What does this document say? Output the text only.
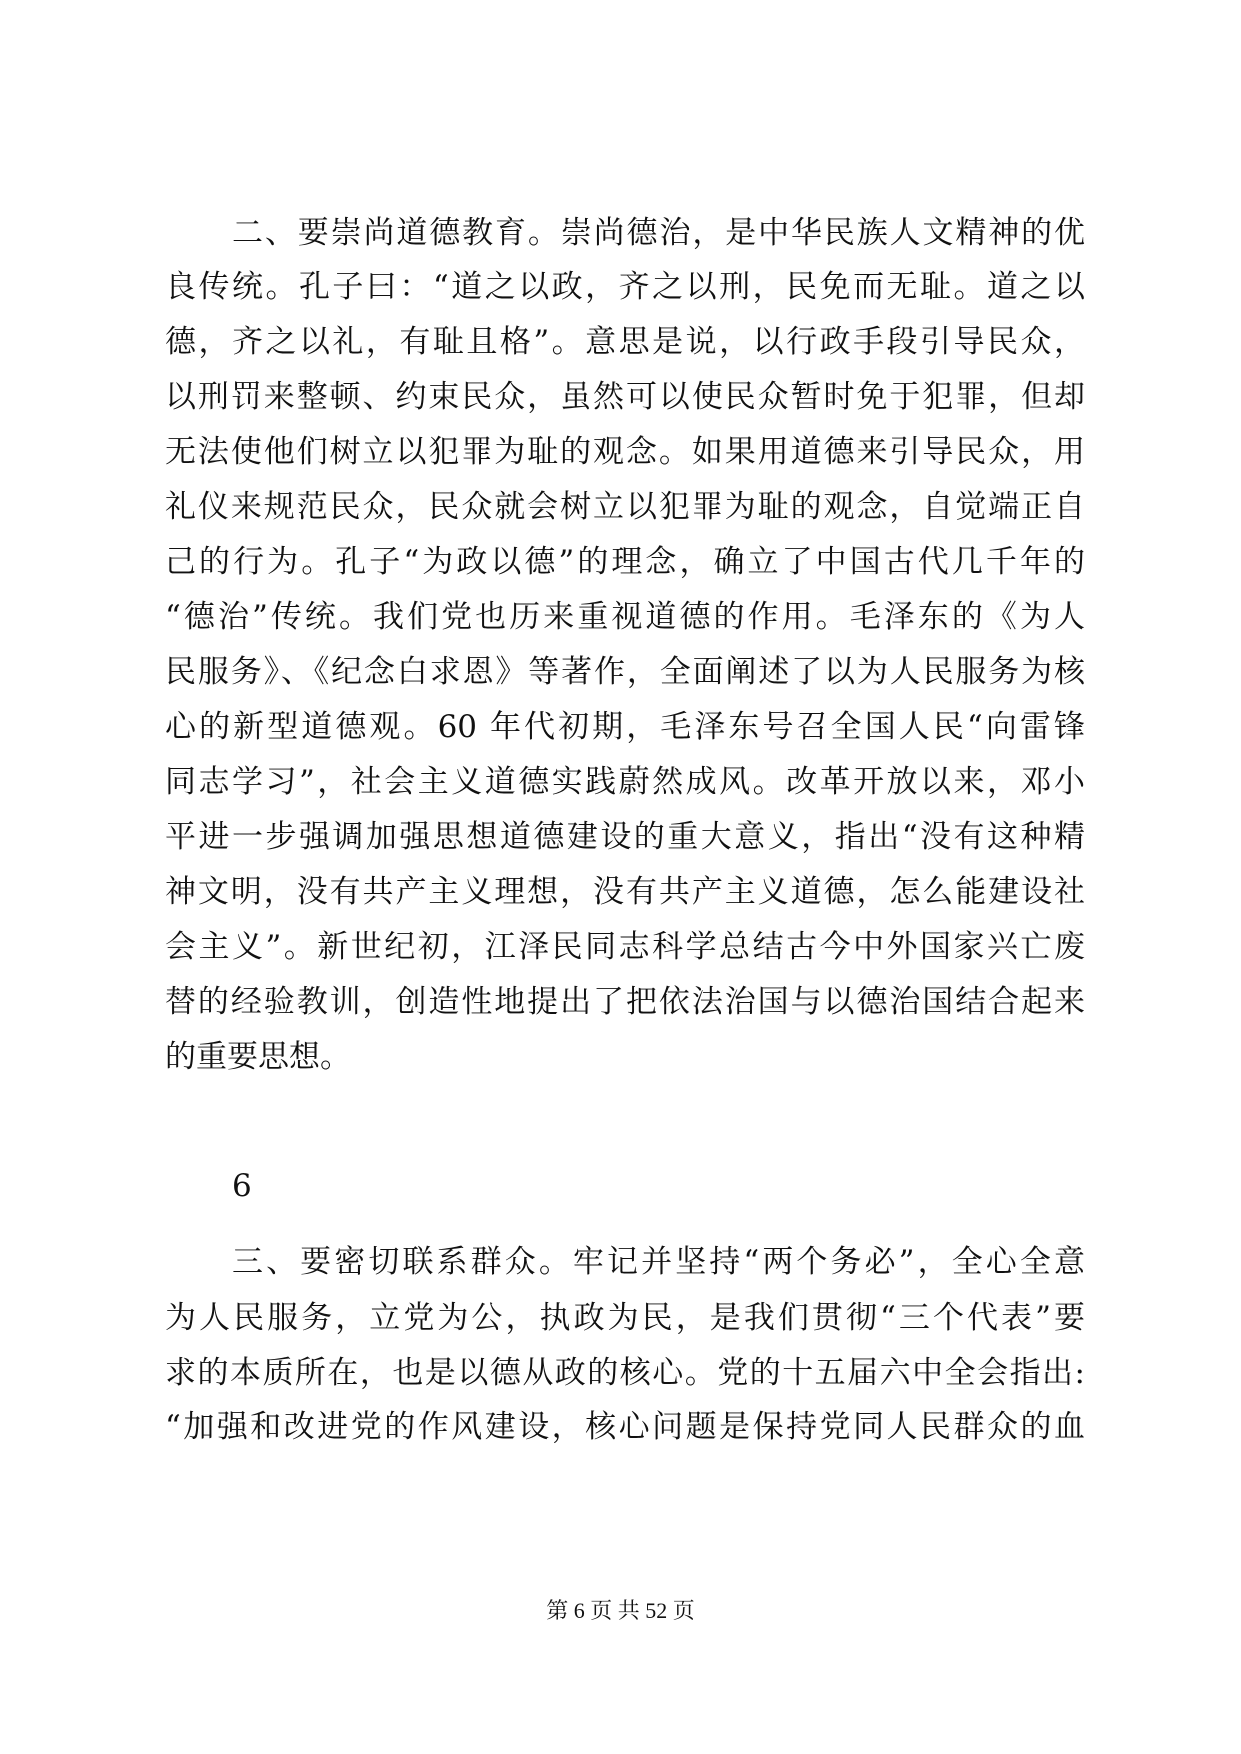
二、要崇尚道德教育。崇尚德治，是中华民族人文精神的优
良传统。孔子曰：“道之以政，齐之以刑，民免而无耻。道之以
德，齐之以礼，有耻且格”。意思是说，以行政手段引导民众，
以刑罚来整顿、约束民众，虽然可以使民众暂时免于犯罪，但却
无法使他们树立以犯罪为耻的观念。如果用道德来引导民众，用
礼仪来规范民众，民众就会树立以犯罪为耻的观念，自觉端正自
己的行为。孔子“为政以德”的理念，确立了中国古代几千年的
“德治”传统。我们党也历来重视道德的作用。毛泽东的《为人
民服务》、《纪念白求恩》等著作，全面阐述了以为人民服务为核
心的新型道德观。60 年代初期，毛泽东号召全国人民“向雷锋
同志学习”，社会主义道德实践蔚然成风。改革开放以来，邓小
平进一步强调加强思想道德建设的重大意义，指出“没有这种精
神文明，没有共产主义理想，没有共产主义道德，怎么能建设社
会主义”。新世纪初，江泽民同志科学总结古今中外国家兴亡废
替的经验教训，创造性地提出了把依法治国与以德治国结合起来
的重要思想。
6
三、要密切联系群众。牢记并坚持“两个务必”，全心全意
为人民服务，立党为公，执政为民，是我们贯彻“三个代表”要
求的本质所在，也是以德从政的核心。党的十五届六中全会指出:
“加强和改进党的作风建设，核心问题是保持党同人民群众的血
第 6 页 共 52 页
